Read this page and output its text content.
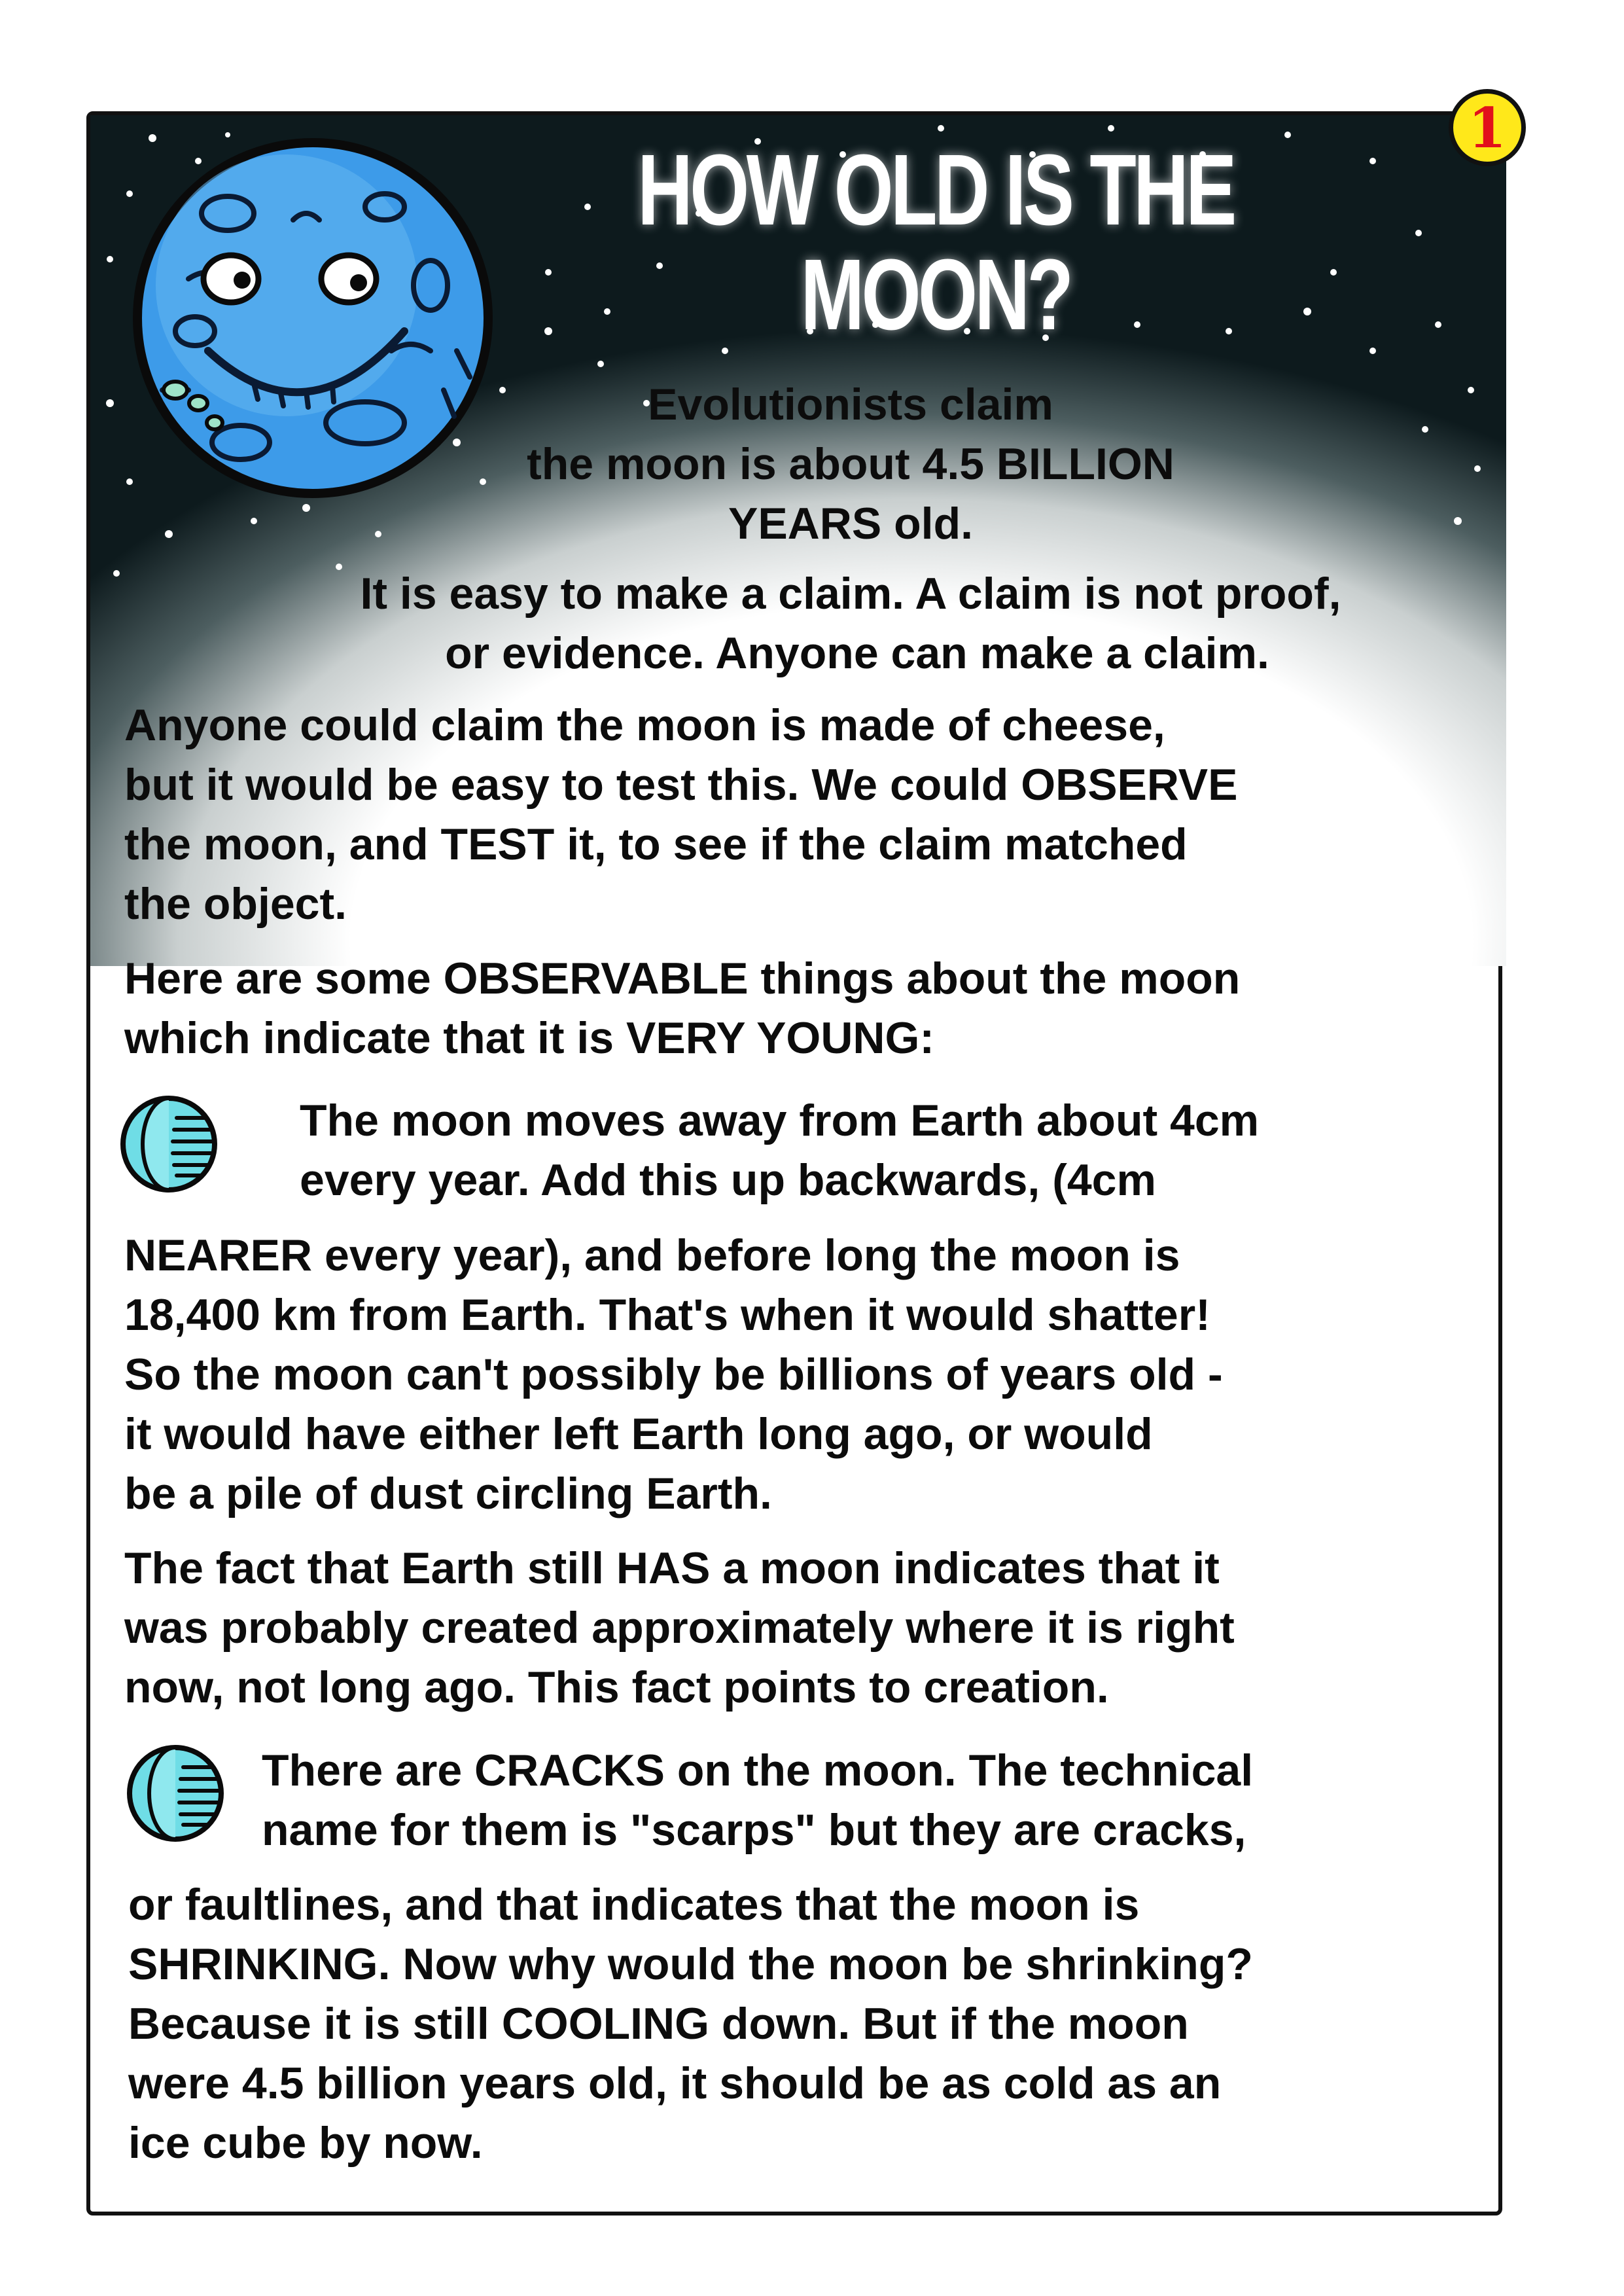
1
HOW OLD IS THE MOON?

Evolutionists claim

the moon is about 4.5 BILLION

YEARS old.

It is easy to make a claim. A claim is not proof,

or evidence. Anyone can make a claim.

Anyone could claim the moon is made of cheese,

but it would be easy to test this. We could OBSERVE

the moon, and TEST it, to see if the claim matched

the object.

Here are some OBSERVABLE things about the moon

which indicate that it is VERY YOUNG:

The moon moves away from Earth about 4cm

every year. Add this up backwards, (4cm

NEARER every year), and before long the moon is

18,400 km from Earth. That's when it would shatter!

So the moon can't possibly be billions of years old -

it would have either left Earth long ago, or would

be a pile of dust circling Earth.

The fact that Earth still HAS a moon indicates that it

was probably created approximately where it is right

now, not long ago. This fact points to creation.

There are CRACKS on the moon. The technical

name for them is "scarps" but they are cracks,

or faultlines, and that indicates that the moon is

SHRINKING. Now why would the moon be shrinking?

Because it is still COOLING down. But if the moon

were 4.5 billion years old, it should be as cold as an

ice cube by now.
